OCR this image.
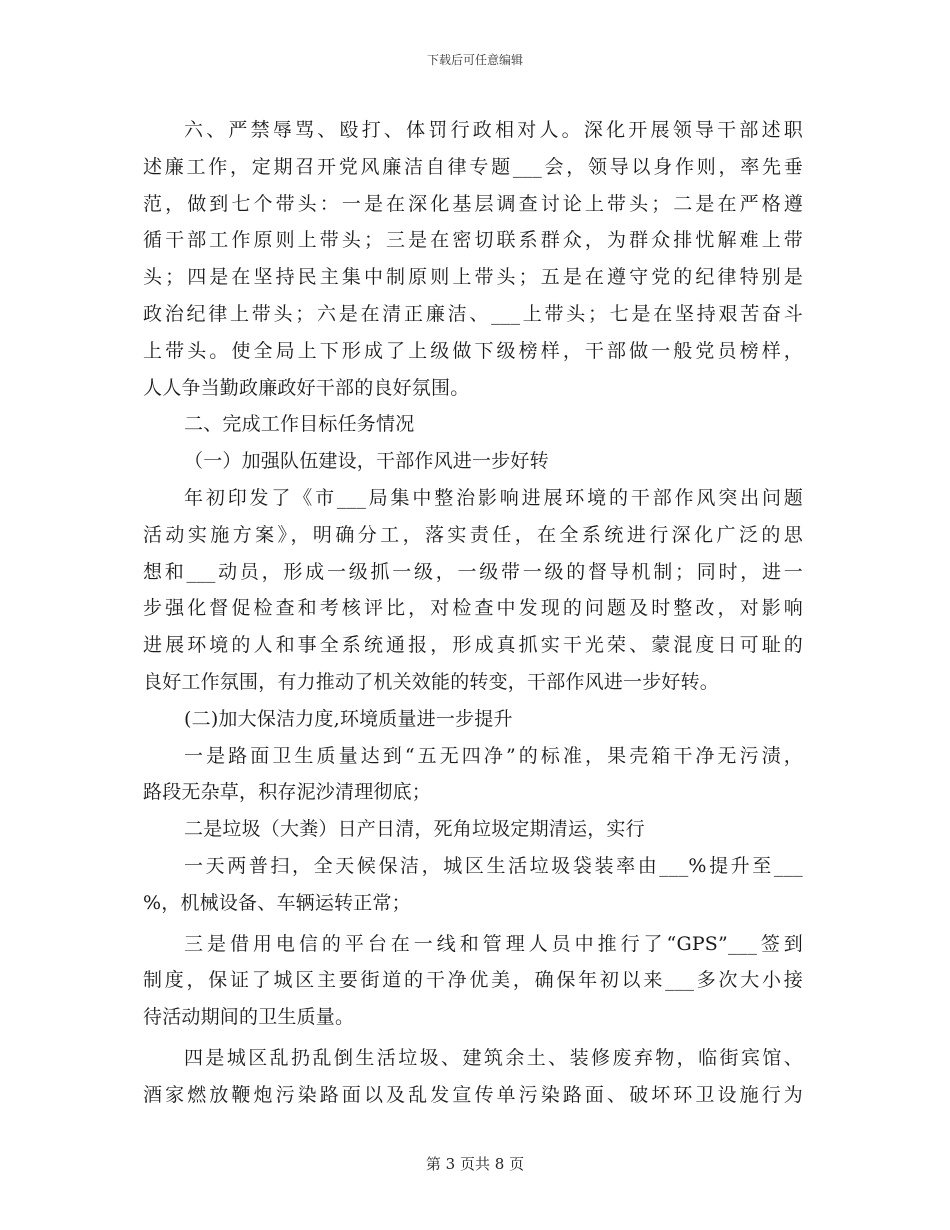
下载后可任意编辑
六、严禁辱骂、殴打、体罚行政相对人。深化开展领导干部述职
述廉工作，定期召开党风廉洁自律专题___会，领导以身作则，率先垂
范，做到七个带头：一是在深化基层调查讨论上带头；二是在严格遵
循干部工作原则上带头；三是在密切联系群众，为群众排忧解难上带
头；四是在坚持民主集中制原则上带头；五是在遵守党的纪律特别是
政治纪律上带头；六是在清正廉洁、___上带头；七是在坚持艰苦奋斗
上带头。使全局上下形成了上级做下级榜样，干部做一般党员榜样，
人人争当勤政廉政好干部的良好氛围。
二、完成工作目标任务情况
（一）加强队伍建设，干部作风进一步好转
年初印发了《市___局集中整治影响进展环境的干部作风突出问题
活动实施方案》，明确分工，落实责任，在全系统进行深化广泛的思
想和___动员，形成一级抓一级，一级带一级的督导机制；同时，进一
步强化督促检查和考核评比，对检查中发现的问题及时整改，对影响
进展环境的人和事全系统通报，形成真抓实干光荣、蒙混度日可耻的
良好工作氛围，有力推动了机关效能的转变，干部作风进一步好转。
(二)加大保洁力度,环境质量进一步提升
一是路面卫生质量达到“五无四净”的标准，果壳箱干净无污渍，
路段无杂草，积存泥沙清理彻底；
二是垃圾（大粪）日产日清，死角垃圾定期清运，实行
一天两普扫，全天候保洁，城区生活垃圾袋装率由___%提升至___
%，机械设备、车辆运转正常；
三是借用电信的平台在一线和管理人员中推行了“GPS”___签到
制度，保证了城区主要街道的干净优美，确保年初以来___多次大小接
待活动期间的卫生质量。
四是城区乱扔乱倒生活垃圾、建筑余土、装修废弃物，临街宾馆、
酒家燃放鞭炮污染路面以及乱发宣传单污染路面、破坏环卫设施行为
第 3 页共 8 页
